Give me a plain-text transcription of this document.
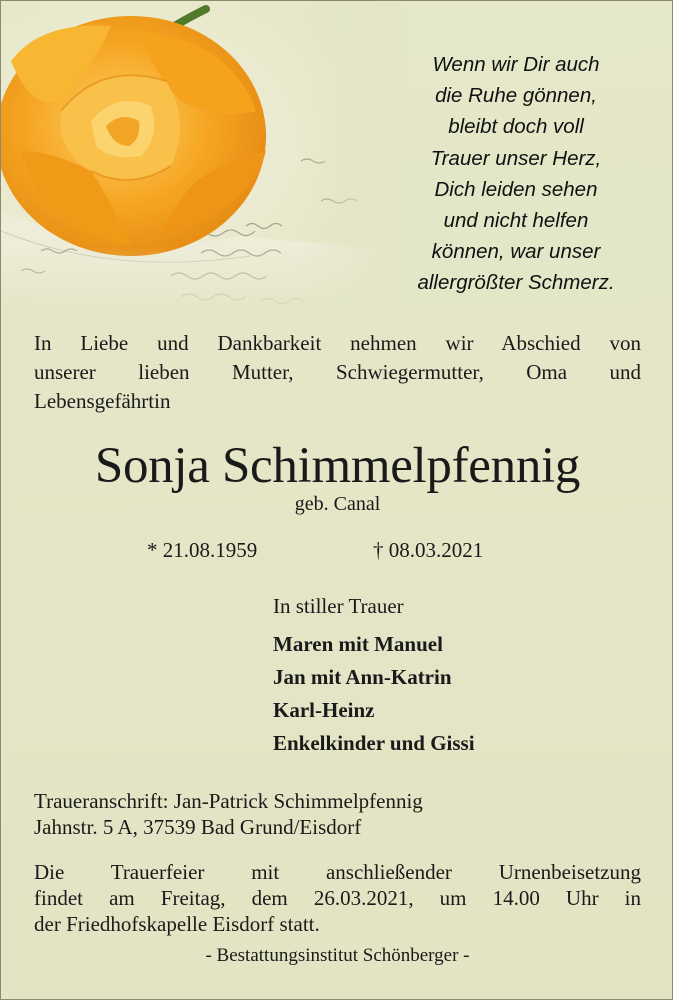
Wenn wir Dir auch
die Ruhe gönnen,
bleibt doch voll
Trauer unser Herz,
Dich leiden sehen
und nicht helfen
können, war unser
allergrößter Schmerz.
In Liebe und Dankbarkeit nehmen wir Abschied von
unserer lieben Mutter, Schwiegermutter, Oma und
Lebensgefährtin
Sonja Schimmelpfennig
geb. Canal
* 21.08.1959	† 08.03.2021
In stiller Trauer
Maren mit Manuel
Jan mit Ann-Katrin
Karl-Heinz
Enkelkinder und Gissi
Traueranschrift: Jan-Patrick Schimmelpfennig
Jahnstr. 5 A, 37539 Bad Grund/Eisdorf
Die Trauerfeier mit anschließender Urnenbeisetzung
findet am Freitag, dem 26.03.2021, um 14.00 Uhr in
der Friedhofskapelle Eisdorf statt.
- Bestattungsinstitut Schönberger -
